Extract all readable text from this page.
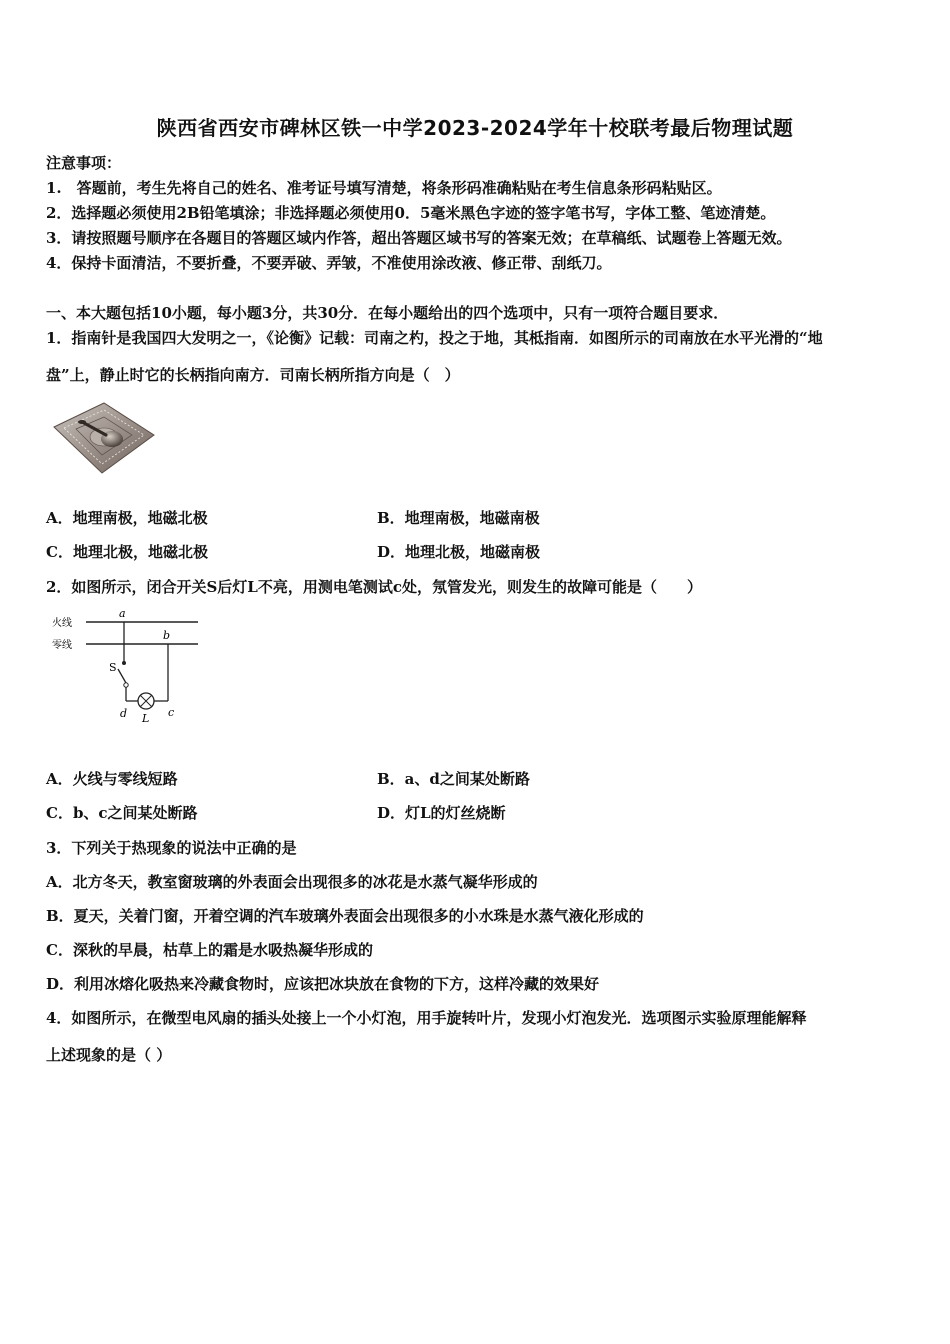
陕西省西安市碑林区铁一中学2023-2024学年十校联考最后物理试题
注意事项：
1.　答题前，考生先将自己的姓名、准考证号填写清楚，将条形码准确粘贴在考生信息条形码粘贴区。
2．选择题必须使用2B铅笔填涂；非选择题必须使用0．5毫米黑色字迹的签字笔书写，字体工整、笔迹清楚。
3．请按照题号顺序在各题目的答题区域内作答，超出答题区域书写的答案无效；在草稿纸、试题卷上答题无效。
4．保持卡面清洁，不要折叠，不要弄破、弄皱，不准使用涂改液、修正带、刮纸刀。
一、本大题包括10小题，每小题3分，共30分．在每小题给出的四个选项中，只有一项符合题目要求．
1．指南针是我国四大发明之一，《论衡》记载：司南之杓，投之于地，其柢指南．如图所示的司南放在水平光滑的“地
盘”上，静止时它的长柄指向南方．司南长柄所指方向是（　）
A．地理南极，地磁北极	B．地理南极，地磁南极
C．地理北极，地磁北极	D．地理北极，地磁南极
2．如图所示，闭合开关S后灯L不亮，用测电笔测试c处，氖管发光，则发生的故障可能是（　　）
火线
零线
a
S
b
d L c
A．火线与零线短路	B．a、d之间某处断路
C．b、c之间某处断路	D．灯L的灯丝烧断
3．下列关于热现象的说法中正确的是
A．北方冬天，教室窗玻璃的外表面会出现很多的冰花是水蒸气凝华形成的
B．夏天，关着门窗，开着空调的汽车玻璃外表面会出现很多的小水珠是水蒸气液化形成的
C．深秋的早晨，枯草上的霜是水吸热凝华形成的
D．利用冰熔化吸热来冷藏食物时，应该把冰块放在食物的下方，这样冷藏的效果好
4．如图所示，在微型电风扇的插头处接上一个小灯泡，用手旋转叶片，发现小灯泡发光．选项图示实验原理能解释
上述现象的是（ ）
